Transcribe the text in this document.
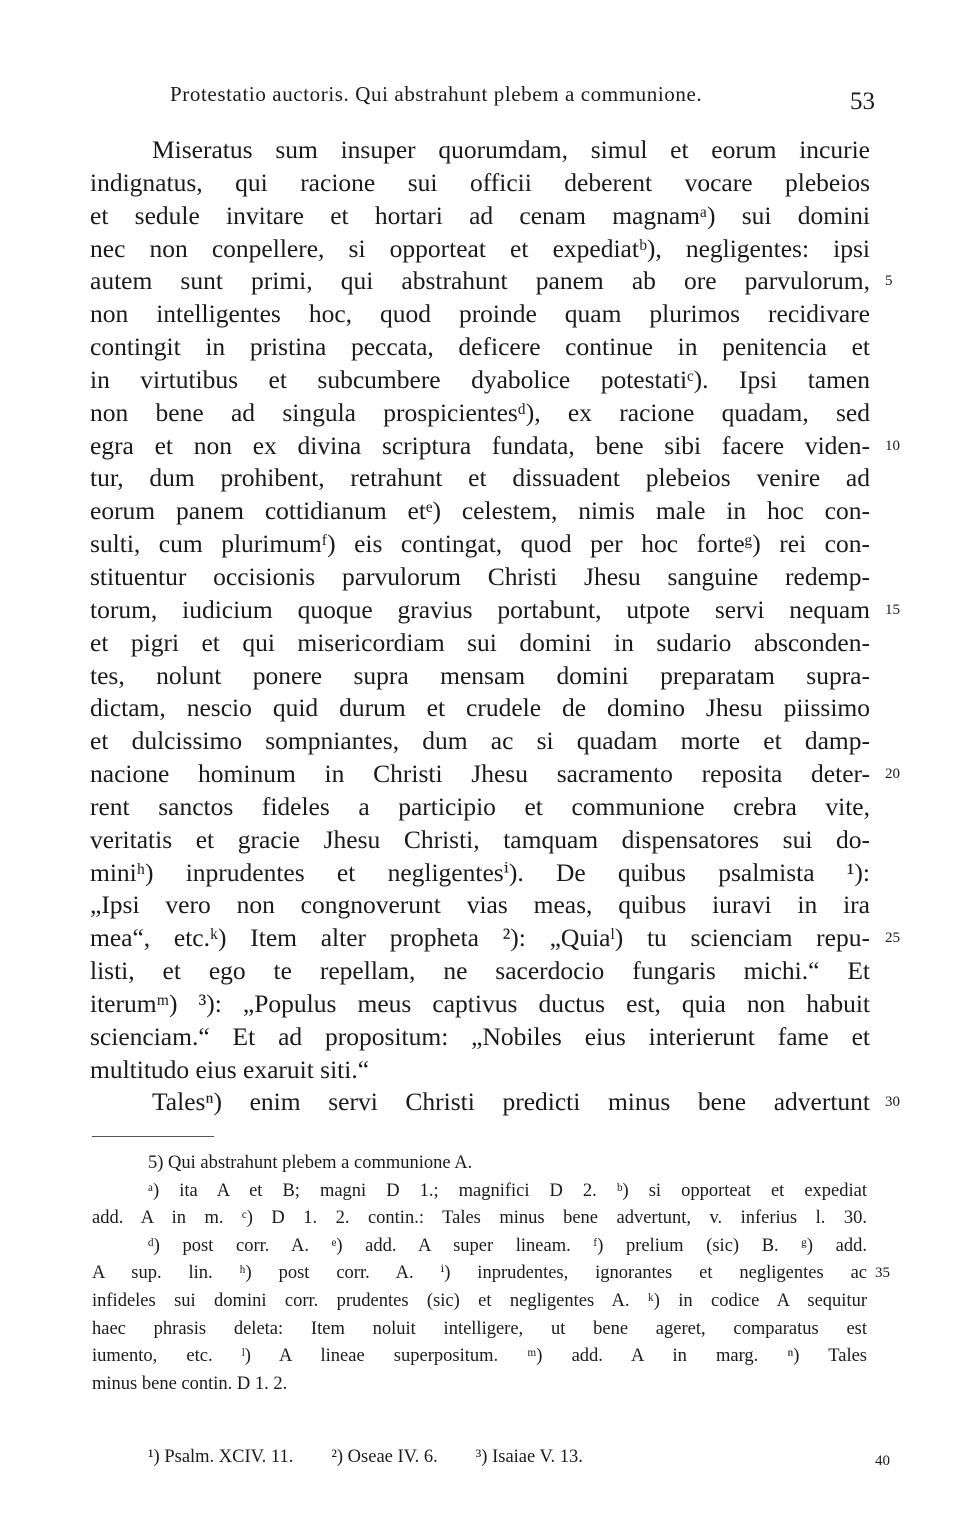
Protestatio auctoris. Qui abstrahunt plebem a communione.	53
Miseratus sum insuper quorumdam, simul et eorum incurie
indignatus, qui racione sui officii deberent vocare plebeios
et sedule invitare et hortari ad cenam magnamᵃ) sui domini
nec non conpellere, si opporteat et expediatᵇ), negligentes: ipsi
autem sunt primi, qui abstrahunt panem ab ore parvulorum, 5
non intelligentes hoc, quod proinde quam plurimos recidivare
contingit in pristina peccata, deficere continue in penitencia et
in virtutibus et subcumbere dyabolice potestatiᶜ). Ipsi tamen
non bene ad singula prospicientesᵈ), ex racione quadam, sed
egra et non ex divina scriptura fundata, bene sibi facere viden- 10
tur, dum prohibent, retrahunt et dissuadent plebeios venire ad
eorum panem cottidianum etᵉ) celestem, nimis male in hoc con-
sulti, cum plurimumᶠ) eis contingat, quod per hoc forteᵍ) rei con-
stituentur occisionis parvulorum Christi Jhesu sanguine redemp-
torum, iudicium quoque gravius portabunt, utpote servi nequam 15
et pigri et qui misericordiam sui domini in sudario absconden-
tes, nolunt ponere supra mensam domini preparatam supra-
dictam, nescio quid durum et crudele de domino Jhesu piissimo
et dulcissimo sompniantes, dum ac si quadam morte et damp-
nacione hominum in Christi Jhesu sacramento reposita deter- 20
rent sanctos fideles a participio et communione crebra vite,
veritatis et gracie Jhesu Christi, tamquam dispensatores sui do-
miniʰ) inprudentes et negligentesⁱ). De quibus psalmista ¹):
„Ipsi vero non congnoverunt vias meas, quibus iuravi in ira
mea“, etc.ᵏ) Item alter propheta ²): „Quiaˡ) tu scienciam repu- 25
listi, et ego te repellam, ne sacerdocio fungaris michi.“ Et
iterumᵐ) ³): „Populus meus captivus ductus est, quia non habuit
scienciam.“ Et ad propositum: „Nobiles eius interierunt fame et
multitudo eius exaruit siti.“
Talesⁿ) enim servi Christi predicti minus bene advertunt 30
5) Qui abstrahunt plebem a communione A.
ᵃ) ita A et B; magni D 1.; magnifici D 2. ᵇ) si opporteat et expediat
add. A in m. ᶜ) D 1. 2. contin.: Tales minus bene advertunt, v. inferius l. 30.
ᵈ) post corr. A. ᵉ) add. A super lineam. ᶠ) prelium (sic) B. ᵍ) add.
A sup. lin. ʰ) post corr. A. ⁱ) inprudentes, ignorantes et negligentes ac 35
infideles sui domini corr. prudentes (sic) et negligentes A. ᵏ) in codice A sequitur
haec phrasis deleta: Item noluit intelligere, ut bene ageret, comparatus est
iumento, etc. ˡ) A lineae superpositum. ᵐ) add. A in marg. ⁿ) Tales
minus bene contin. D 1. 2.
¹) Psalm. XCIV. 11. ²) Oseae IV. 6. ³) Isaiae V. 13.	40
